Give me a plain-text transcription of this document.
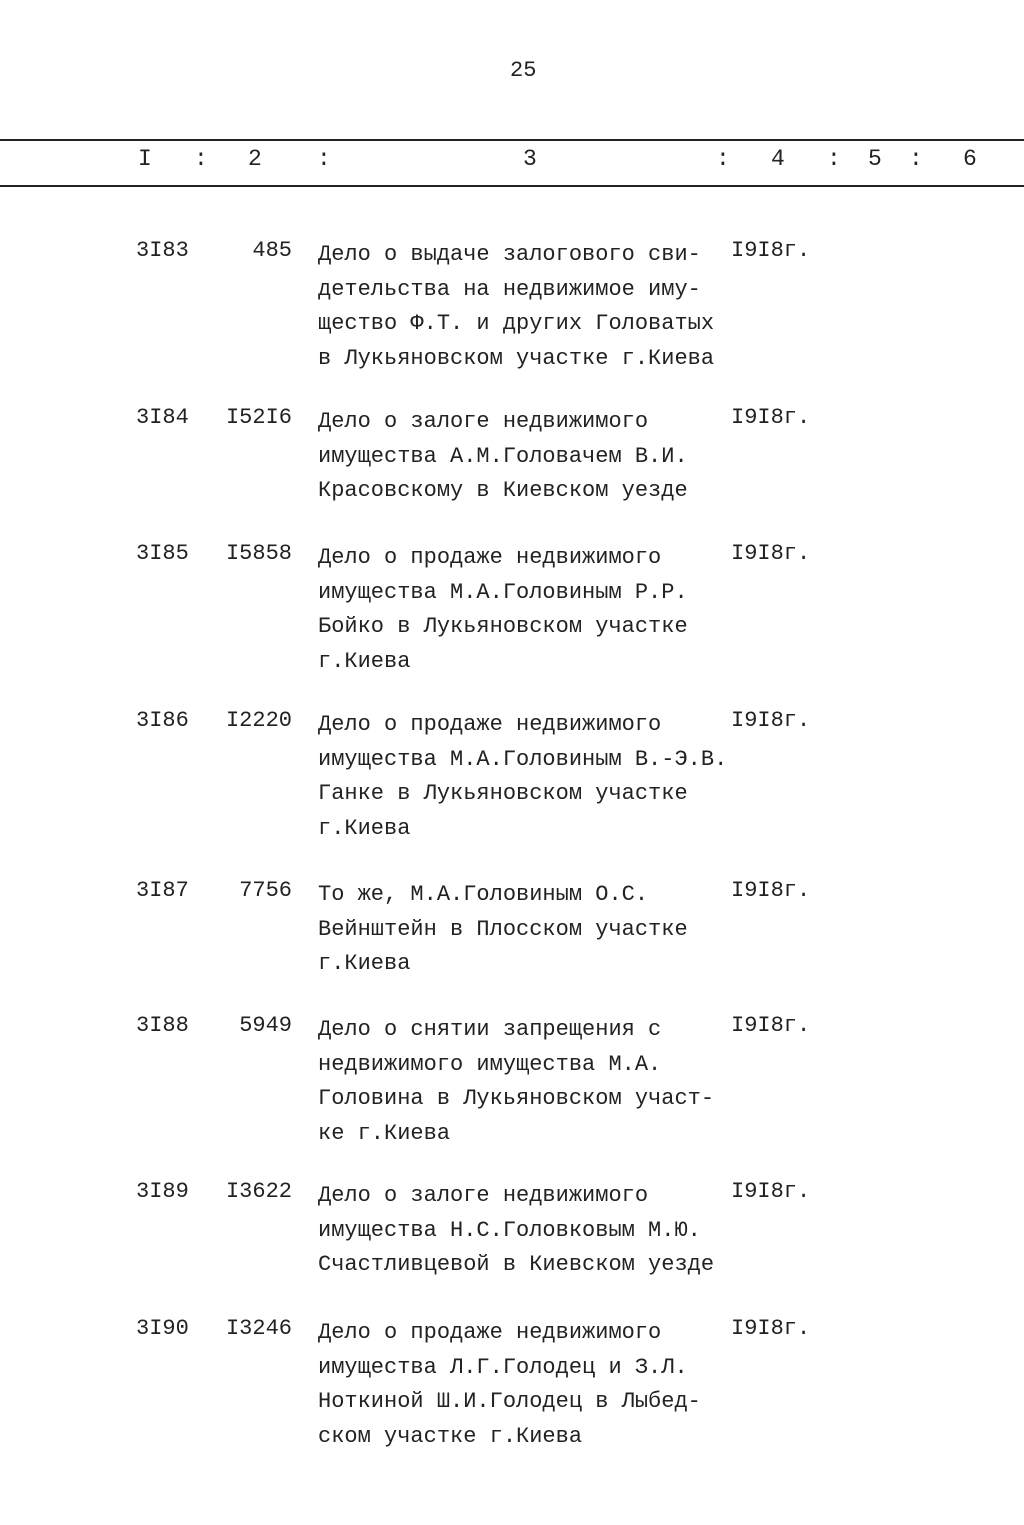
25
I : 2 :	3	: 4 : 5 : 6
3I83	485 Дело о выдаче залогового сви-
детельства на недвижимое иму-
щество Ф.Т. и других Головатых
в Лукьяновском участке г.Киева
I9I8г.
3I84 I52I6 Дело о залоге недвижимого
имущества А.М.Головачем В.И.
Красовскому в Киевском уезде
I9I8г.
3I85 I5858 Дело о продаже недвижимого
имущества М.А.Головиным Р.Р.
Бойко в Лукьяновском участке
г.Киева
I9I8г.
3I86 I2220 Дело о продаже недвижимого
имущества М.А.Головиным В.-Э.В.
Ганке в Лукьяновском участке
г.Киева
I9I8г.
3I87 7756 То же, М.А.Головиным О.С.
Вейнштейн в Плосском участке
г.Киева
I9I8г.
3I88 5949 Дело о снятии запрещения с
недвижимого имущества М.А.
Головина в Лукьяновском участ-
ке г.Киева
I9I8г.
3I89 I3622 Дело о залоге недвижимого
имущества Н.С.Головковым М.Ю.
Счастливцевой в Киевском уезде
I9I8г.
3I90 I3246 Дело о продаже недвижимого
имущества Л.Г.Голодец и З.Л.
Ноткиной Ш.И.Голодец в Лыбед-
ском участке г.Киева
I9I8г.
